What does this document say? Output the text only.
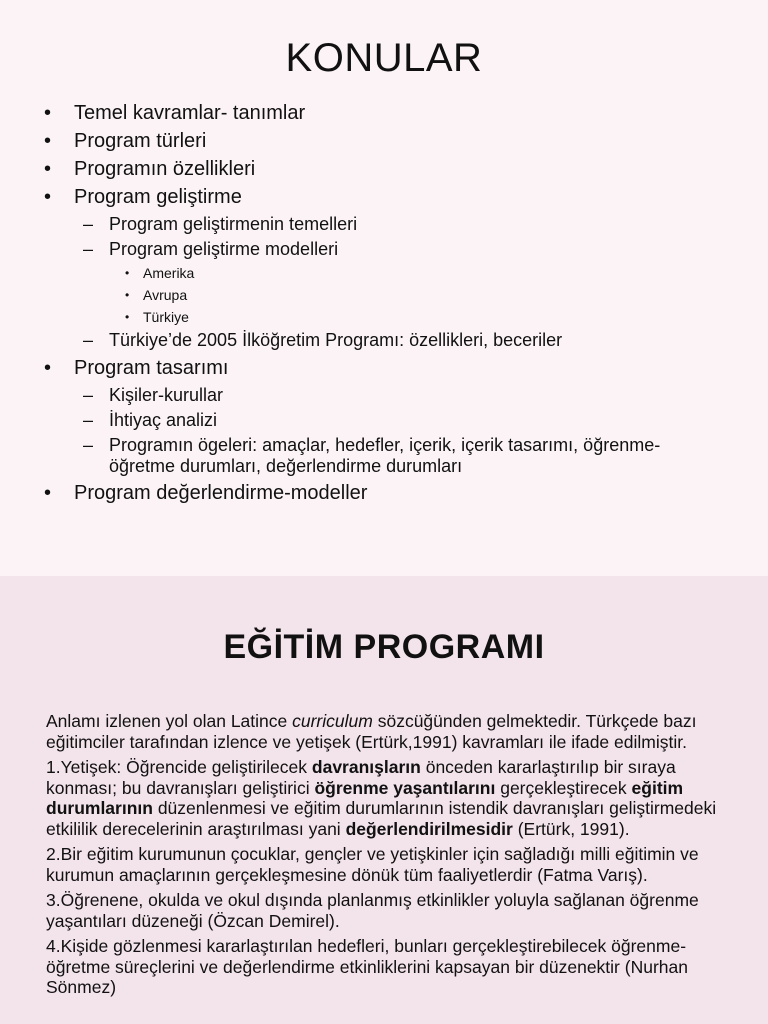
KONULAR
• Temel kavramlar- tanımlar
• Program türleri
• Programın özellikleri
• Program geliştirme
– Program geliştirmenin temelleri
– Program geliştirme modelleri
• Amerika
• Avrupa
• Türkiye
– Türkiye’de 2005 İlköğretim Programı: özellikleri, beceriler
• Program tasarımı
– Kişiler-kurullar
– İhtiyaç analizi
– Programın ögeleri: amaçlar, hedefler, içerik, içerik tasarımı, öğrenme-
öğretme durumları, değerlendirme durumları
• Program değerlendirme-modeller
EĞİTİM PROGRAMI

Anlamı izlenen yol olan Latince curriculum sözcüğünden gelmektedir. Türkçede bazı eğitimciler tarafından izlence ve yetişek (Ertürk,1991) kavramları ile ifade edilmiştir.

1.Yetişek: Öğrencide geliştirilecek davranışların önceden kararlaştırılıp bir sıraya konması; bu davranışları geliştirici öğrenme yaşantılarını gerçekleştirecek eğitim durumlarının düzenlenmesi ve eğitim durumlarının istendik davranışları geliştirmedeki etkililik derecelerinin araştırılması yani değerlendirilmesidir (Ertürk, 1991).

2.Bir eğitim kurumunun çocuklar, gençler ve yetişkinler için sağladığı milli eğitimin ve kurumun amaçlarının gerçekleşmesine dönük tüm faaliyetlerdir (Fatma Varış).

3.Öğrenene, okulda ve okul dışında planlanmış etkinlikler yoluyla sağlanan öğrenme yaşantıları düzeneği (Özcan Demirel).

4.Kişide gözlenmesi kararlaştırılan hedefleri, bunları gerçekleştirebilecek öğrenme-öğretme süreçlerini ve değerlendirme etkinliklerini kapsayan bir düzenektir (Nurhan Sönmez)
